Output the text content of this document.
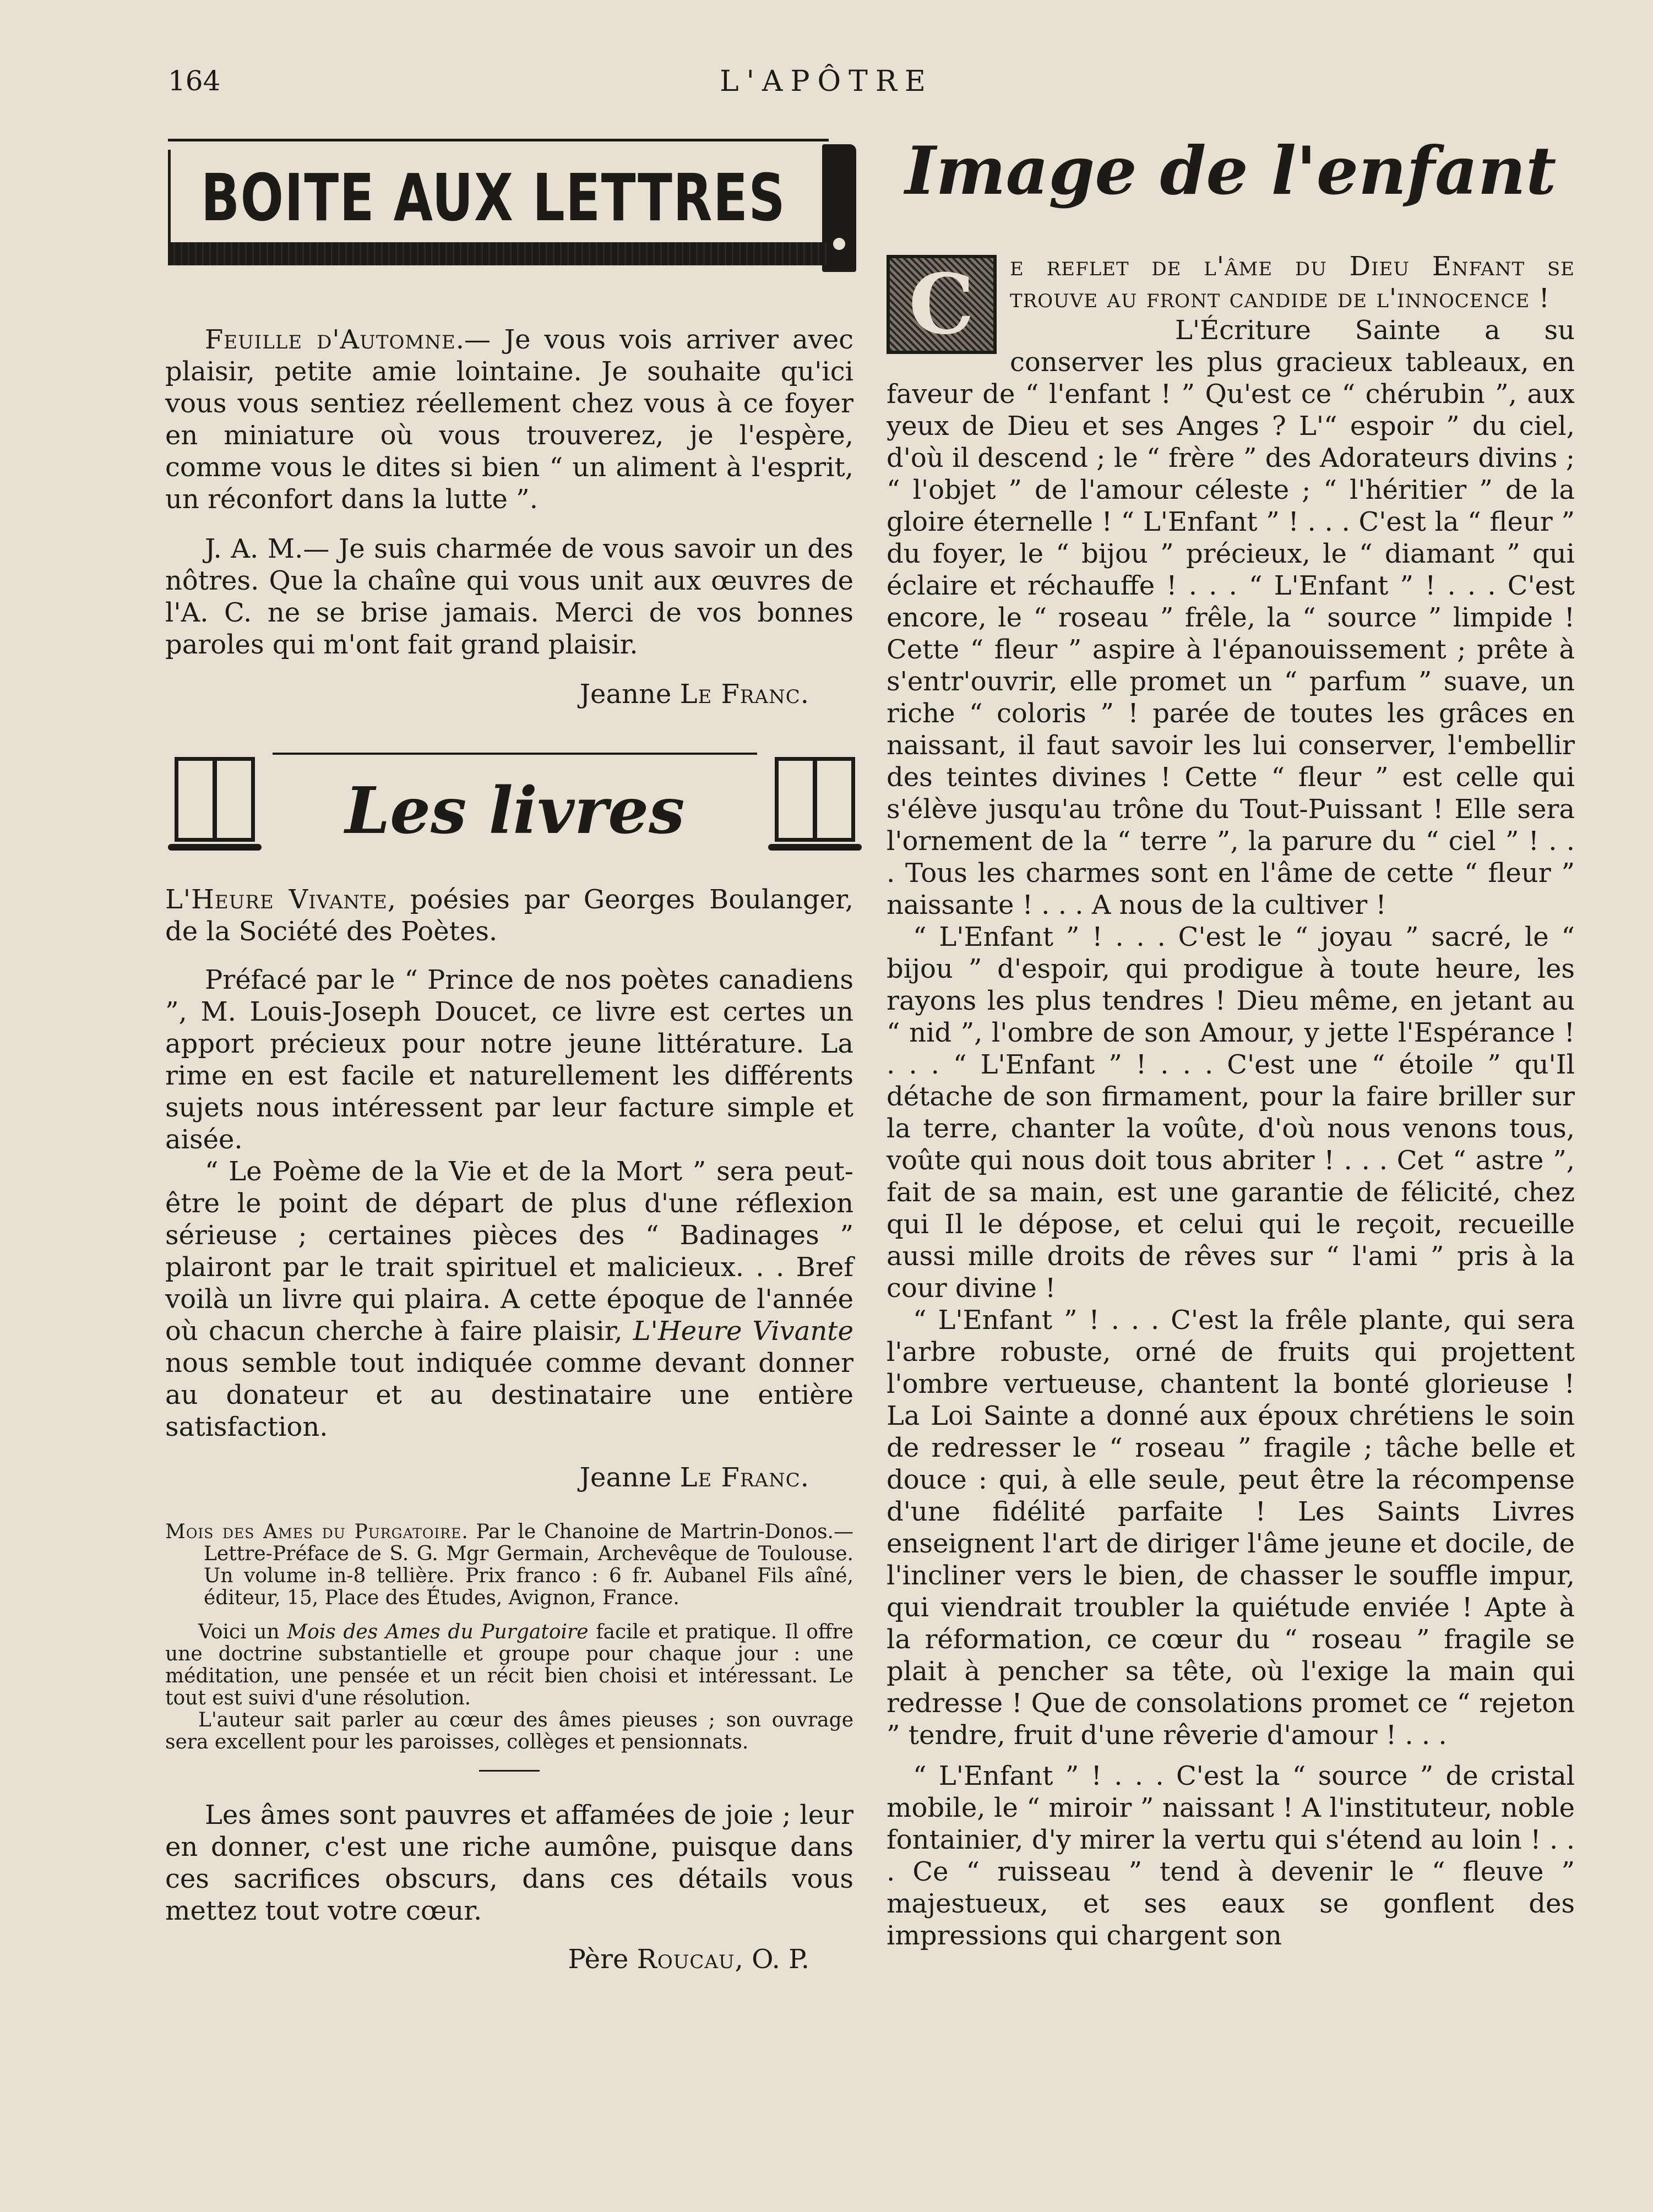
164	L'APÔTRE
BOITE AUX LETTRES

Feuille d'Automne.— Je vous vois arriver avec plaisir, petite amie lointaine. Je souhaite qu'ici vous vous sentiez réellement chez vous à ce foyer en miniature où vous trouverez, je l'espère, comme vous le dites si bien “ un aliment à l'esprit, un réconfort dans la lutte ”.

J. A. M.— Je suis charmée de vous savoir un des nôtres. Que la chaîne qui vous unit aux œuvres de l'A. C. ne se brise jamais. Merci de vos bonnes paroles qui m'ont fait grand plaisir.

Jeanne Le Franc.

Les livres

L'Heure Vivante, poésies par Georges Boulanger, de la Société des Poètes.

Préfacé par le “ Prince de nos poètes canadiens ”, M. Louis-Joseph Doucet, ce livre est certes un apport précieux pour notre jeune littérature. La rime en est facile et naturellement les différents sujets nous intéressent par leur facture simple et aisée.

“ Le Poème de la Vie et de la Mort ” sera peut-être le point de départ de plus d'une réflexion sérieuse ; certaines pièces des “ Badinages ” plairont par le trait spirituel et malicieux. . . Bref voilà un livre qui plaira. A cette époque de l'année où chacun cherche à faire plaisir, L'Heure Vivante nous semble tout indiquée comme devant donner au donateur et au destinataire une entière satisfaction.

Jeanne Le Franc.

Mois des Ames du Purgatoire. Par le Chanoine de Martrin-Donos.— Lettre-Préface de S. G. Mgr Germain, Archevêque de Toulouse. Un volume in-8 tellière. Prix franco : 6 fr. Aubanel Fils aîné, éditeur, 15, Place des Études, Avignon, France.

Voici un Mois des Ames du Purgatoire facile et pratique. Il offre une doctrine substantielle et groupe pour chaque jour : une méditation, une pensée et un récit bien choisi et intéressant. Le tout est suivi d'une résolution.

L'auteur sait parler au cœur des âmes pieuses ; son ouvrage sera excellent pour les paroisses, collèges et pensionnats.

Les âmes sont pauvres et affamées de joie ; leur en donner, c'est une riche aumône, puisque dans ces sacrifices obscurs, dans ces détails vous mettez tout votre cœur.

Père Roucau, O. P.

Image de l'enfant

C	e reflet de l'âme du Dieu Enfant se trouve au front candide de l'innocence !

L'Écriture Sainte a su conserver les plus gracieux tableaux, en faveur de “ l'enfant ! ” Qu'est ce “ chérubin ”, aux yeux de Dieu et ses Anges ? L'“ espoir ” du ciel, d'où il descend ; le “ frère ” des Adorateurs divins ; “ l'objet ” de l'amour céleste ; “ l'héritier ” de la gloire éternelle ! “ L'Enfant ” ! . . . C'est la “ fleur ” du foyer, le “ bijou ” précieux, le “ diamant ” qui éclaire et réchauffe ! . . . “ L'Enfant ” ! . . . C'est encore, le “ roseau ” frêle, la “ source ” limpide ! Cette “ fleur ” aspire à l'épanouissement ; prête à s'entr'ouvrir, elle promet un “ parfum ” suave, un riche “ coloris ” ! parée de toutes les grâces en naissant, il faut savoir les lui conserver, l'embellir des teintes divines ! Cette “ fleur ” est celle qui s'élève jusqu'au trône du Tout-Puissant ! Elle sera l'ornement de la “ terre ”, la parure du “ ciel ” ! . . . Tous les charmes sont en l'âme de cette “ fleur ” naissante ! . . . A nous de la cultiver !

“ L'Enfant ” ! . . . C'est le “ joyau ” sacré, le “ bijou ” d'espoir, qui prodigue à toute heure, les rayons les plus tendres ! Dieu même, en jetant au “ nid ”, l'ombre de son Amour, y jette l'Espérance ! . . . “ L'Enfant ” ! . . . C'est une “ étoile ” qu'Il détache de son firmament, pour la faire briller sur la terre, chanter la voûte, d'où nous venons tous, voûte qui nous doit tous abriter ! . . . Cet “ astre ”, fait de sa main, est une garantie de félicité, chez qui Il le dépose, et celui qui le reçoit, recueille aussi mille droits de rêves sur “ l'ami ” pris à la cour divine !

“ L'Enfant ” ! . . . C'est la frêle plante, qui sera l'arbre robuste, orné de fruits qui projettent l'ombre vertueuse, chantent la bonté glorieuse ! La Loi Sainte a donné aux époux chrétiens le soin de redresser le “ roseau ” fragile ; tâche belle et douce : qui, à elle seule, peut être la récompense d'une fidélité parfaite ! Les Saints Livres enseignent l'art de diriger l'âme jeune et docile, de l'incliner vers le bien, de chasser le souffle impur, qui viendrait troubler la quiétude enviée ! Apte à la réformation, ce cœur du “ roseau ” fragile se plait à pencher sa tête, où l'exige la main qui redresse ! Que de consolations promet ce “ rejeton ” tendre, fruit d'une rêverie d'amour ! . . .

“ L'Enfant ” ! . . . C'est la “ source ” de cristal mobile, le “ miroir ” naissant ! A l'instituteur, noble fontainier, d'y mirer la vertu qui s'étend au loin ! . . . Ce “ ruisseau ” tend à devenir le “ fleuve ” majestueux, et ses eaux se gonflent des impressions qui chargent son
